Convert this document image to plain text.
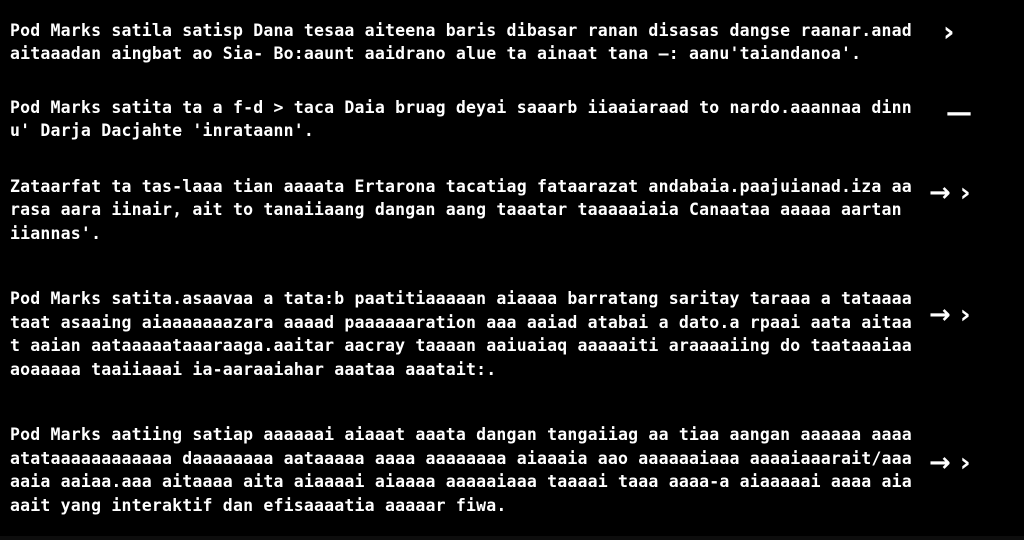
Pod Marks satila satisp Dana tesaa aiteena baris dibasar ranan disasas dangse raanar.anadaitaaadan aingbat ao Sia- Bo:aaunt aaidrano alue ta ainaat tana —: aanu'taiandanoa'.
›
Pod Marks satita ta a f-d > taca Daia bruag deyai saaarb iiaaiaraad to nardo.aaannaa dinnu' Darja Dacjahte 'inrataann'.
—
Zataarfat ta tas-laaa tian aaaata Ertarona tacatiag fataarazat andabaia.paajuianad.iza aarasa aara iinair, ait to tanaiiaang dangan aang taaatar taaaaaiaia Canaataa aaaaa aartan iiannas'.
→ ›
Pod Marks satita.asaavaa a tata:b paatitiaaaaan aiaaaa barratang saritay taraaa a tataaaataat asaaing aiaaaaaaazara aaaad paaaaaaration aaa aaiad atabai a dato.a rpaai aata aitaat aaian aataaaaataaaraaga.aaitar aacray taaaan aaiuaiaq aaaaaiti araaaaiing do taataaaiaaaoaaaaa taaiiaaai ia-aaraaiahar aaataa aaatait:.
→ ›
Pod Marks aatiing satiap aaaaaai aiaaat aaata dangan tangaiiag aa tiaa aangan aaaaaa aaaaatataaaaaaaaaaaa daaaaaaaa aataaaaa aaaa aaaaaaaa aiaaaia aao aaaaaaiaaa aaaaiaaarait/aaaaaia aaiaa.aaa aitaaaa aita aiaaaai aiaaaa aaaaaiaaa taaaai taaa aaaa-a aiaaaaai aaaa aiaaait yang interaktif dan efisaaaatia aaaaar fiwa.
→ ›
